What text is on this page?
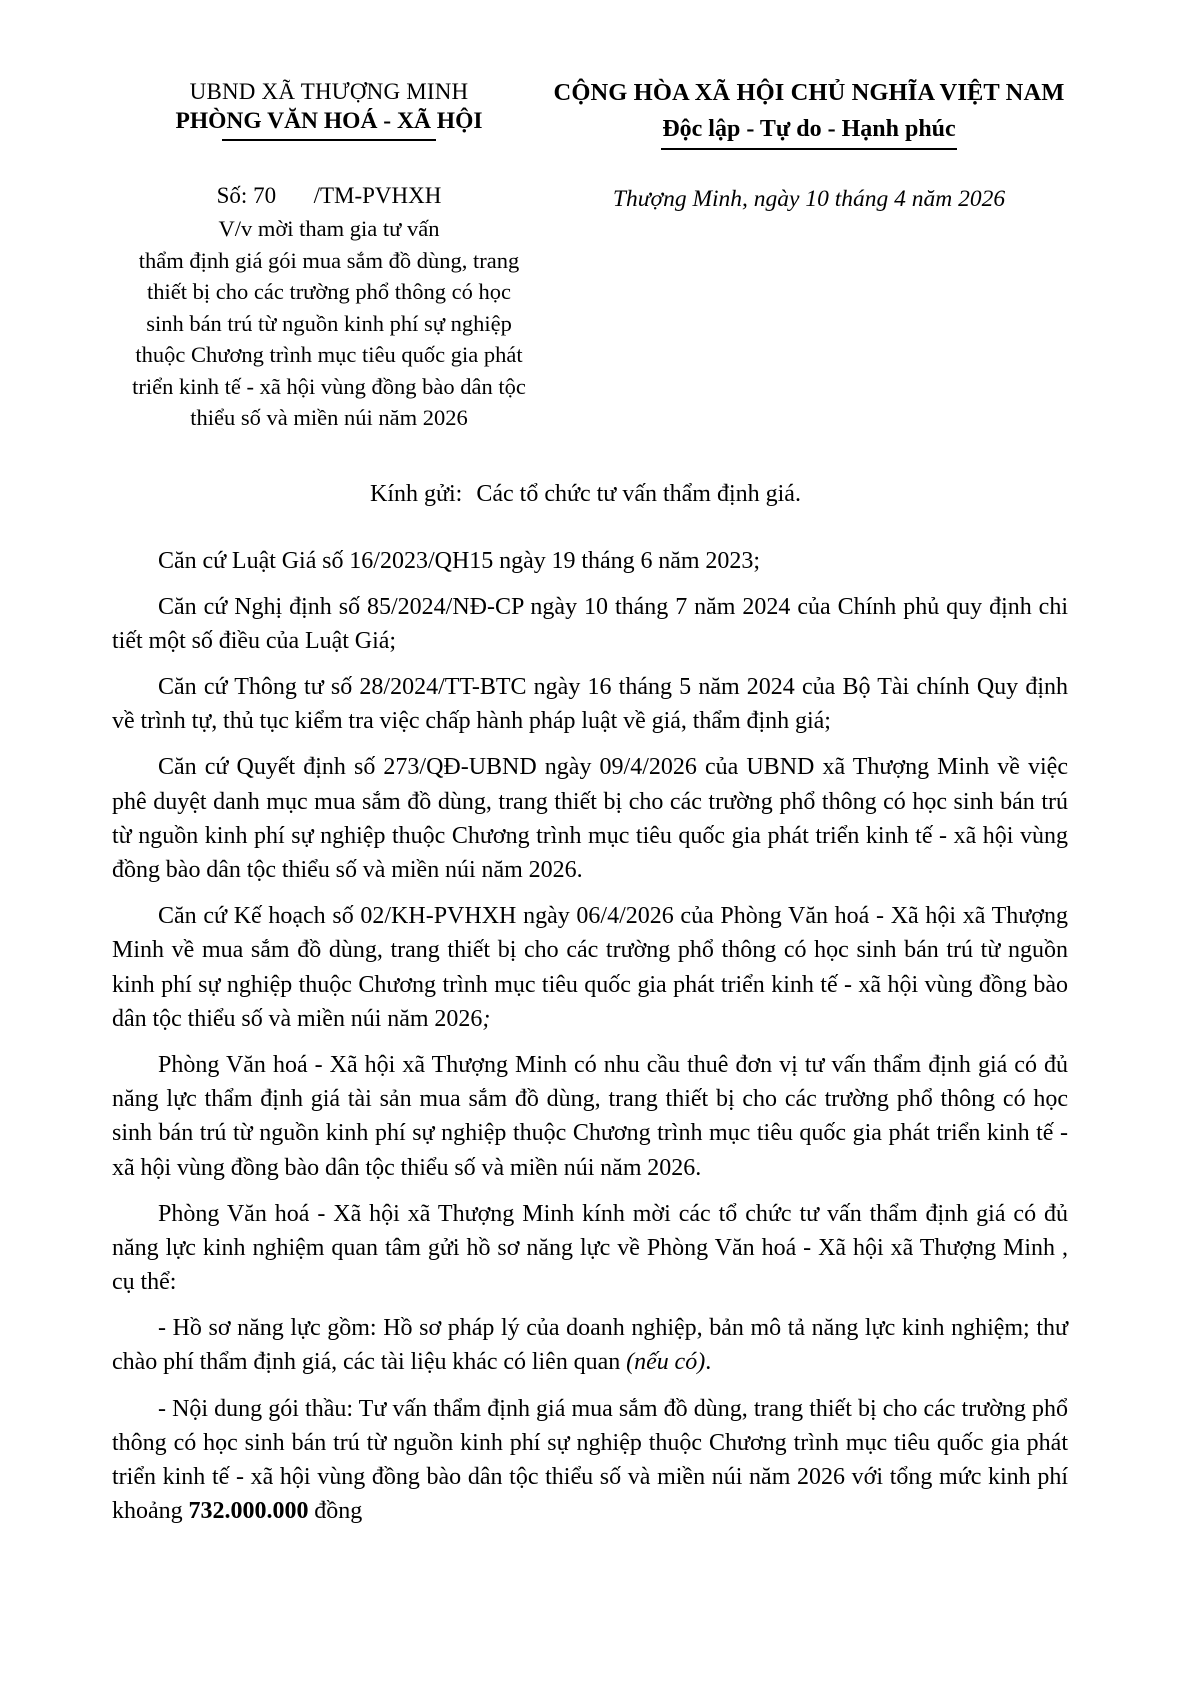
UBND XÃ THƯỢNG MINH
PHÒNG VĂN HOÁ - XÃ HỘI
CỘNG HÒA XÃ HỘI CHỦ NGHĨA VIỆT NAM
Độc lập - Tự do - Hạnh phúc
Số: 70 /TM-PVHXH
V/v mời tham gia tư vấn
thẩm định giá gói mua sắm đồ dùng, trang thiết bị cho các trường phổ thông có học sinh bán trú từ nguồn kinh phí sự nghiệp thuộc Chương trình mục tiêu quốc gia phát triển kinh tế - xã hội vùng đồng bào dân tộc thiểu số và miền núi năm 2026
Thượng Minh, ngày 10 tháng 4 năm 2026
Kính gửi: Các tổ chức tư vấn thẩm định giá.

Căn cứ Luật Giá số 16/2023/QH15 ngày 19 tháng 6 năm 2023;

Căn cứ Nghị định số 85/2024/NĐ-CP ngày 10 tháng 7 năm 2024 của Chính phủ quy định chi tiết một số điều của Luật Giá;

Căn cứ Thông tư số 28/2024/TT-BTC ngày 16 tháng 5 năm 2024 của Bộ Tài chính Quy định về trình tự, thủ tục kiểm tra việc chấp hành pháp luật về giá, thẩm định giá;

Căn cứ Quyết định số 273/QĐ-UBND ngày 09/4/2026 của UBND xã Thượng Minh về việc phê duyệt danh mục mua sắm đồ dùng, trang thiết bị cho các trường phổ thông có học sinh bán trú từ nguồn kinh phí sự nghiệp thuộc Chương trình mục tiêu quốc gia phát triển kinh tế - xã hội vùng đồng bào dân tộc thiểu số và miền núi năm 2026.

Căn cứ Kế hoạch số 02/KH-PVHXH ngày 06/4/2026 của Phòng Văn hoá - Xã hội xã Thượng Minh về mua sắm đồ dùng, trang thiết bị cho các trường phổ thông có học sinh bán trú từ nguồn kinh phí sự nghiệp thuộc Chương trình mục tiêu quốc gia phát triển kinh tế - xã hội vùng đồng bào dân tộc thiểu số và miền núi năm 2026;

Phòng Văn hoá - Xã hội xã Thượng Minh có nhu cầu thuê đơn vị tư vấn thẩm định giá có đủ năng lực thẩm định giá tài sản mua sắm đồ dùng, trang thiết bị cho các trường phổ thông có học sinh bán trú từ nguồn kinh phí sự nghiệp thuộc Chương trình mục tiêu quốc gia phát triển kinh tế - xã hội vùng đồng bào dân tộc thiểu số và miền núi năm 2026.

Phòng Văn hoá - Xã hội xã Thượng Minh kính mời các tổ chức tư vấn thẩm định giá có đủ năng lực kinh nghiệm quan tâm gửi hồ sơ năng lực về Phòng Văn hoá - Xã hội xã Thượng Minh , cụ thể:

- Hồ sơ năng lực gồm: Hồ sơ pháp lý của doanh nghiệp, bản mô tả năng lực kinh nghiệm; thư chào phí thẩm định giá, các tài liệu khác có liên quan (nếu có).

- Nội dung gói thầu: Tư vấn thẩm định giá mua sắm đồ dùng, trang thiết bị cho các trường phổ thông có học sinh bán trú từ nguồn kinh phí sự nghiệp thuộc Chương trình mục tiêu quốc gia phát triển kinh tế - xã hội vùng đồng bào dân tộc thiểu số và miền núi năm 2026 với tổng mức kinh phí khoảng 732.000.000 đồng
